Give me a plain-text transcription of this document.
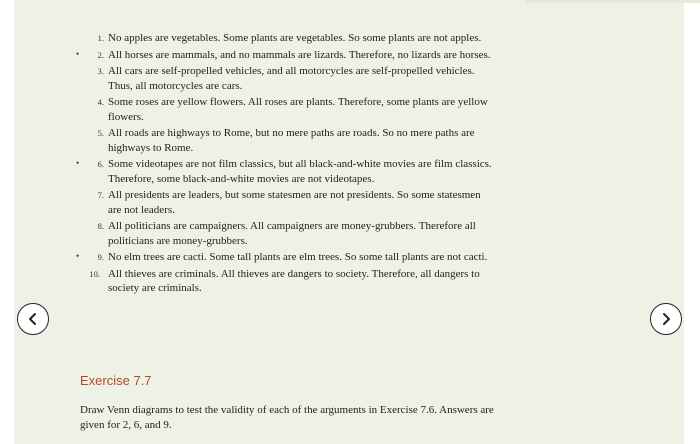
1. No apples are vegetables. Some plants are vegetables. So some plants are not apples.
•	2. All horses are mammals, and no mammals are lizards. Therefore, no lizards are horses.
3. All cars are self-propelled vehicles, and all motorcycles are self-propelled vehicles. Thus, all motorcycles are cars.
4. Some roses are yellow flowers. All roses are plants. Therefore, some plants are yellow flowers.
5. All roads are highways to Rome, but no mere paths are roads. So no mere paths are highways to Rome.
•	6. Some videotapes are not film classics, but all black-and-white movies are film classics. Therefore, some black-and-white movies are not videotapes.
7. All presidents are leaders, but some statesmen are not presidents. So some statesmen are not leaders.
8. All politicians are campaigners. All campaigners are money-grubbers. Therefore all politicians are money-grubbers.
•	9. No elm trees are cacti. Some tall plants are elm trees. So some tall plants are not cacti.
10. All thieves are criminals. All thieves are dangers to society. Therefore, all dangers to society are criminals.
Exercise 7.7

Draw Venn diagrams to test the validity of each of the arguments in Exercise 7.6. Answers are given for 2, 6, and 9.
